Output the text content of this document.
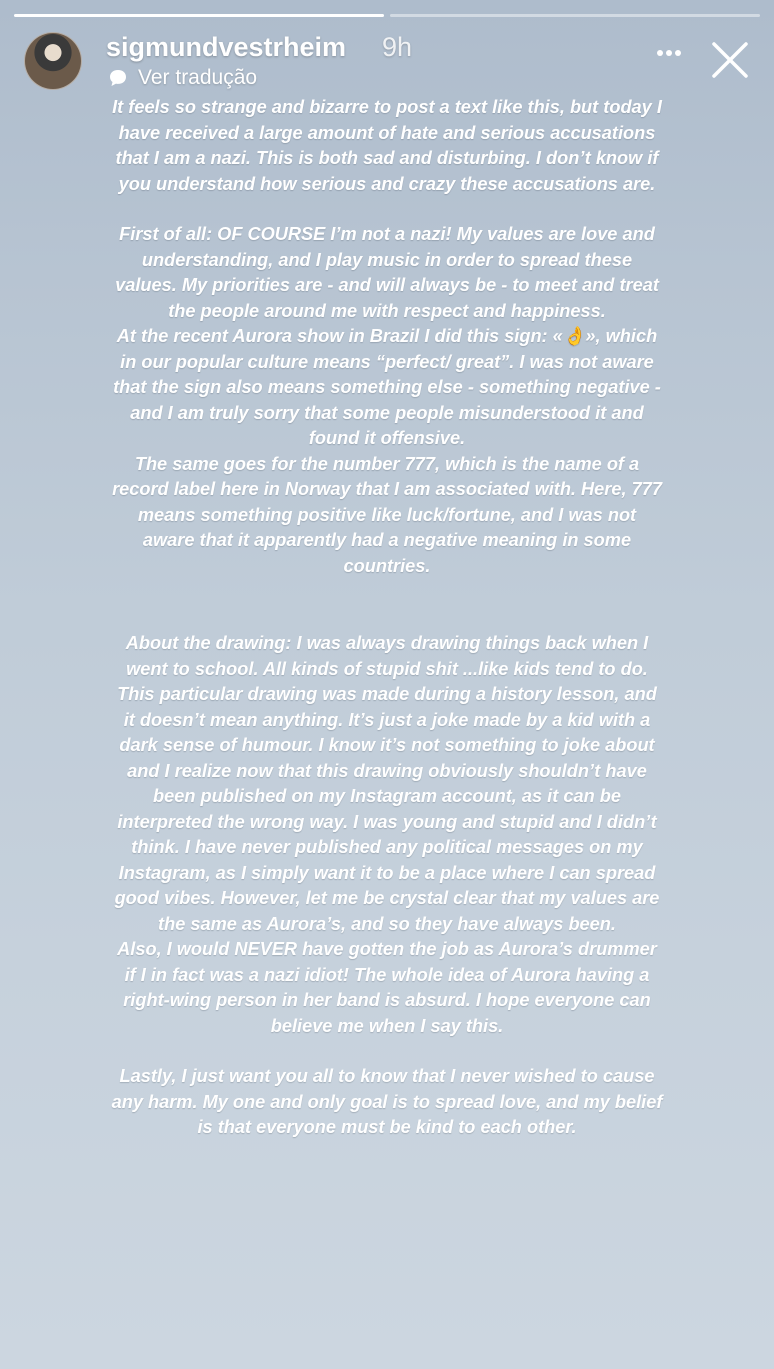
sigmundvestrheim 9h
Ver tradução

It feels so strange and bizarre to post a text like this, but today I have received a large amount of hate and serious accusations that I am a nazi. This is both sad and disturbing. I don’t know if you understand how serious and crazy these accusations are.

First of all: OF COURSE I’m not a nazi! My values are love and understanding, and I play music in order to spread these values. My priorities are - and will always be - to meet and treat the people around me with respect and happiness.

At the recent Aurora show in Brazil I did this sign: «👌», which in our popular culture means “perfect/ great”. I was not aware that the sign also means something else - something negative - and I am truly sorry that some people misunderstood it and found it offensive.

The same goes for the number 777, which is the name of a record label here in Norway that I am associated with. Here, 777 means something positive like luck/fortune, and I was not aware that it apparently had a negative meaning in some countries.

About the drawing: I was always drawing things back when I went to school. All kinds of stupid shit ...like kids tend to do. This particular drawing was made during a history lesson, and it doesn’t mean anything. It’s just a joke made by a kid with a dark sense of humour. I know it’s not something to joke about and I realize now that this drawing obviously shouldn’t have been published on my Instagram account, as it can be interpreted the wrong way. I was young and stupid and I didn’t think. I have never published any political messages on my Instagram, as I simply want it to be a place where I can spread good vibes. However, let me be crystal clear that my values are the same as Aurora’s, and so they have always been.

Also, I would NEVER have gotten the job as Aurora’s drummer if I in fact was a nazi idiot! The whole idea of Aurora having a right-wing person in her band is absurd. I hope everyone can believe me when I say this.

Lastly, I just want you all to know that I never wished to cause any harm. My one and only goal is to spread love, and my belief is that everyone must be kind to each other.
